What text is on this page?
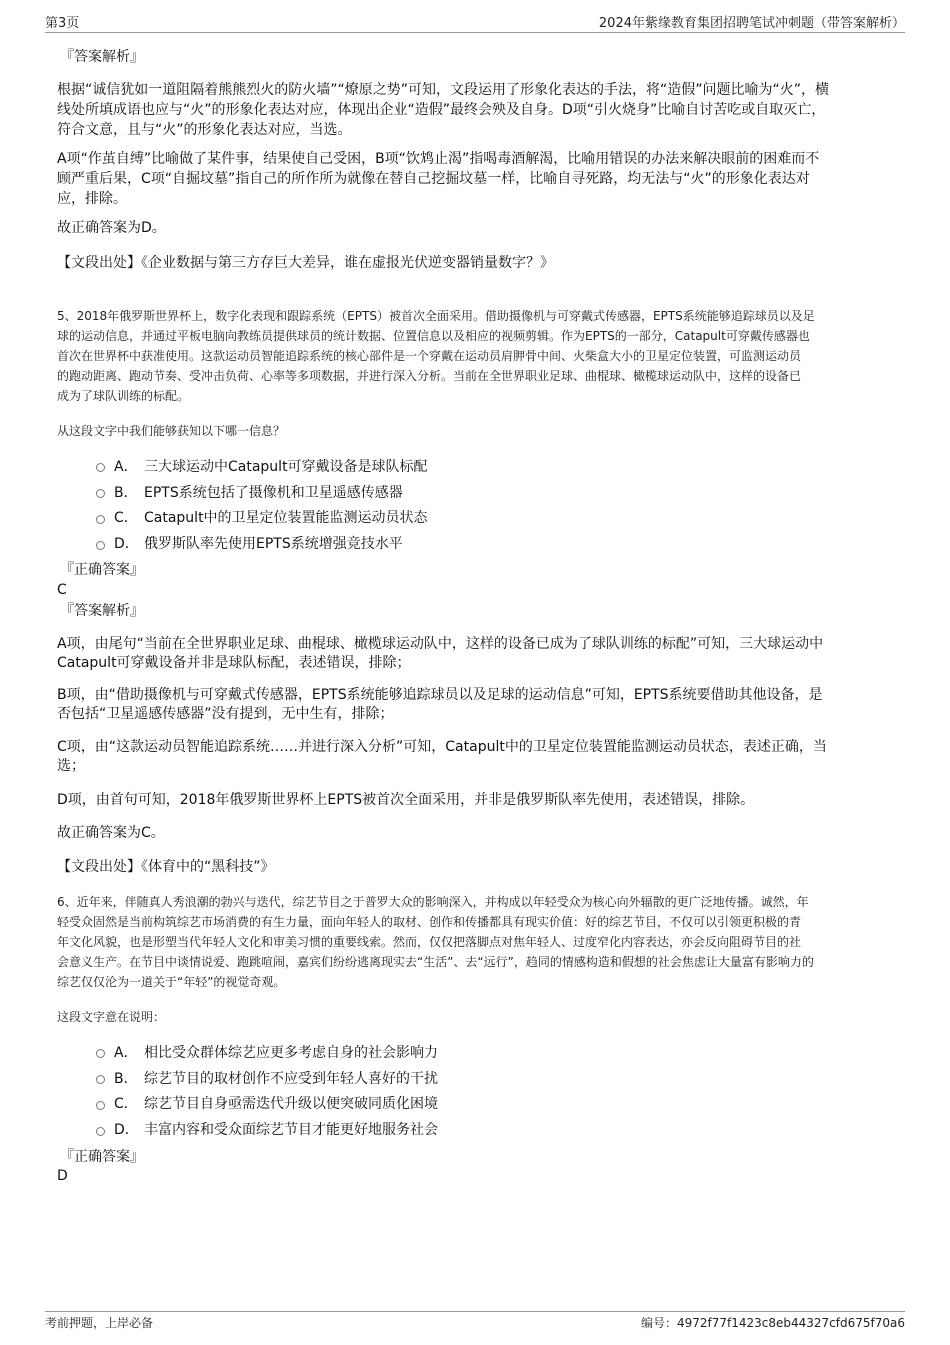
第3页	2024年紫缘教育集团招聘笔试冲刺题（带答案解析）
『答案解析』
根据“诚信犹如一道阻隔着熊熊烈火的防火墙”“燎原之势”可知，文段运用了形象化表达的手法，将“造假”问题比喻为“火”，横
线处所填成语也应与“火”的形象化表达对应，体现出企业“造假”最终会殃及自身。D项“引火烧身”比喻自讨苦吃或自取灭亡，
符合文意，且与“火”的形象化表达对应，当选。
A项“作茧自缚”比喻做了某件事，结果使自己受困，B项“饮鸩止渴”指喝毒酒解渴，比喻用错误的办法来解决眼前的困难而不
顾严重后果，C项“自掘坟墓”指自己的所作所为就像在替自己挖掘坟墓一样，比喻自寻死路，均无法与“火”的形象化表达对
应，排除。
故正确答案为D。
【文段出处】《企业数据与第三方存巨大差异，谁在虚报光伏逆变器销量数字？》
5、2018年俄罗斯世界杯上，数字化表现和跟踪系统（EPTS）被首次全面采用。借助摄像机与可穿戴式传感器，EPTS系统能够追踪球员以及足
球的运动信息，并通过平板电脑向教练员提供球员的统计数据、位置信息以及相应的视频剪辑。作为EPTS的一部分，Catapult可穿戴传感器也
首次在世界杯中获准使用。这款运动员智能追踪系统的核心部件是一个穿戴在运动员肩胛骨中间、火柴盒大小的卫星定位装置，可监测运动员
的跑动距离、跑动节奏、受冲击负荷、心率等多项数据，并进行深入分析。当前在全世界职业足球、曲棍球、橄榄球运动队中，这样的设备已
成为了球队训练的标配。
从这段文字中我们能够获知以下哪一信息？
A． 三大球运动中Catapult可穿戴设备是球队标配
B． EPTS系统包括了摄像机和卫星遥感传感器
C． Catapult中的卫星定位装置能监测运动员状态
D． 俄罗斯队率先使用EPTS系统增强竞技水平
『正确答案』
C
『答案解析』
A项，由尾句“当前在全世界职业足球、曲棍球、橄榄球运动队中，这样的设备已成为了球队训练的标配”可知，三大球运动中
Catapult可穿戴设备并非是球队标配，表述错误，排除；
B项，由“借助摄像机与可穿戴式传感器，EPTS系统能够追踪球员以及足球的运动信息”可知，EPTS系统要借助其他设备，是
否包括“卫星遥感传感器”没有提到，无中生有，排除；
C项，由“这款运动员智能追踪系统……并进行深入分析”可知，Catapult中的卫星定位装置能监测运动员状态，表述正确，当
选；
D项，由首句可知，2018年俄罗斯世界杯上EPTS被首次全面采用，并非是俄罗斯队率先使用，表述错误，排除。
故正确答案为C。
【文段出处】《体育中的“黑科技”》
6、近年来，伴随真人秀浪潮的勃兴与迭代，综艺节目之于普罗大众的影响深入，并构成以年轻受众为核心向外辐散的更广泛地传播。诚然，年
轻受众固然是当前构筑综艺市场消费的有生力量，面向年轻人的取材、创作和传播都具有现实价值：好的综艺节目，不仅可以引领更积极的青
年文化风貌，也是形塑当代年轻人文化和审美习惯的重要线索。然而，仅仅把落脚点对焦年轻人、过度窄化内容表达，亦会反向阻碍节目的社
会意义生产。在节目中谈情说爱、跑跳喧闹，嘉宾们纷纷逃离现实去“生活”、去“远行”，趋同的情感构造和假想的社会焦虑让大量富有影响力的
综艺仅仅沦为一道关于“年轻”的视觉奇观。
这段文字意在说明：
A． 相比受众群体综艺应更多考虑自身的社会影响力
B． 综艺节目的取材创作不应受到年轻人喜好的干扰
C． 综艺节目自身亟需迭代升级以便突破同质化困境
D． 丰富内容和受众面综艺节目才能更好地服务社会
『正确答案』
D
考前押题，上岸必备	编号：4972f77f1423c8eb44327cfd675f70a6
